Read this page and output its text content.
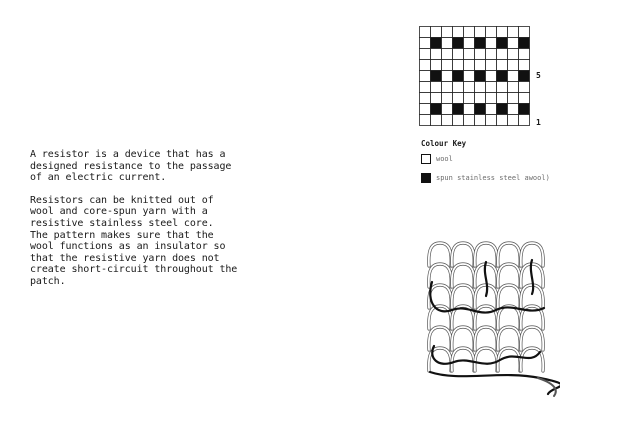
A resistor is a device that has a
designed resistance to the passage
of an electric current.

Resistors can be knitted out of
wool and core-spun yarn with a
resistive stainless steel core.
The pattern makes sure that the
wool functions as an insulator so
that the resistive yarn does not
create short-circuit throughout the
patch.

5
1
Colour Key
wool
spun stainless steel awool)
